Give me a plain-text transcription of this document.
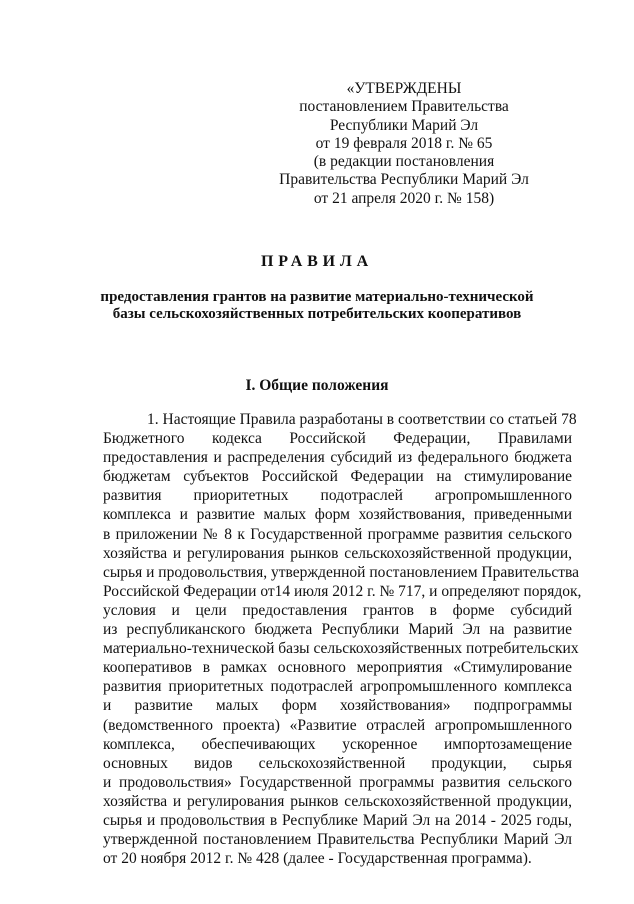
«УТВЕРЖДЕНЫ
постановлением Правительства
Республики Марий Эл
от 19 февраля 2018 г. № 65
(в редакции постановления
Правительства Республики Марий Эл
от 21 апреля 2020 г. № 158)
ПРАВИЛА
предоставления грантов на развитие материально-технической
базы сельскохозяйственных потребительских кооперативов
I. Общие положения
1. Настоящие Правила разработаны в соответствии со статьей 78
Бюджетного кодекса Российской Федерации, Правилами
предоставления и распределения субсидий из федерального бюджета
бюджетам субъектов Российской Федерации на стимулирование
развития приоритетных подотраслей агропромышленного
комплекса и развитие малых форм хозяйствования, приведенными
в приложении № 8 к Государственной программе развития сельского
хозяйства и регулирования рынков сельскохозяйственной продукции,
сырья и продовольствия, утвержденной постановлением Правительства
Российской Федерации от14 июля 2012 г. № 717, и определяют порядок,
условия и цели предоставления грантов в форме субсидий
из республиканского бюджета Республики Марий Эл на развитие
материально-технической базы сельскохозяйственных потребительских
кооперативов в рамках основного мероприятия «Стимулирование
развития приоритетных подотраслей агропромышленного комплекса
и развитие малых форм хозяйствования» подпрограммы
(ведомственного проекта) «Развитие отраслей агропромышленного
комплекса, обеспечивающих ускоренное импортозамещение
основных видов сельскохозяйственной продукции, сырья
и продовольствия» Государственной программы развития сельского
хозяйства и регулирования рынков сельскохозяйственной продукции,
сырья и продовольствия в Республике Марий Эл на 2014 - 2025 годы,
утвержденной постановлением Правительства Республики Марий Эл
от 20 ноября 2012 г. № 428 (далее - Государственная программа).
